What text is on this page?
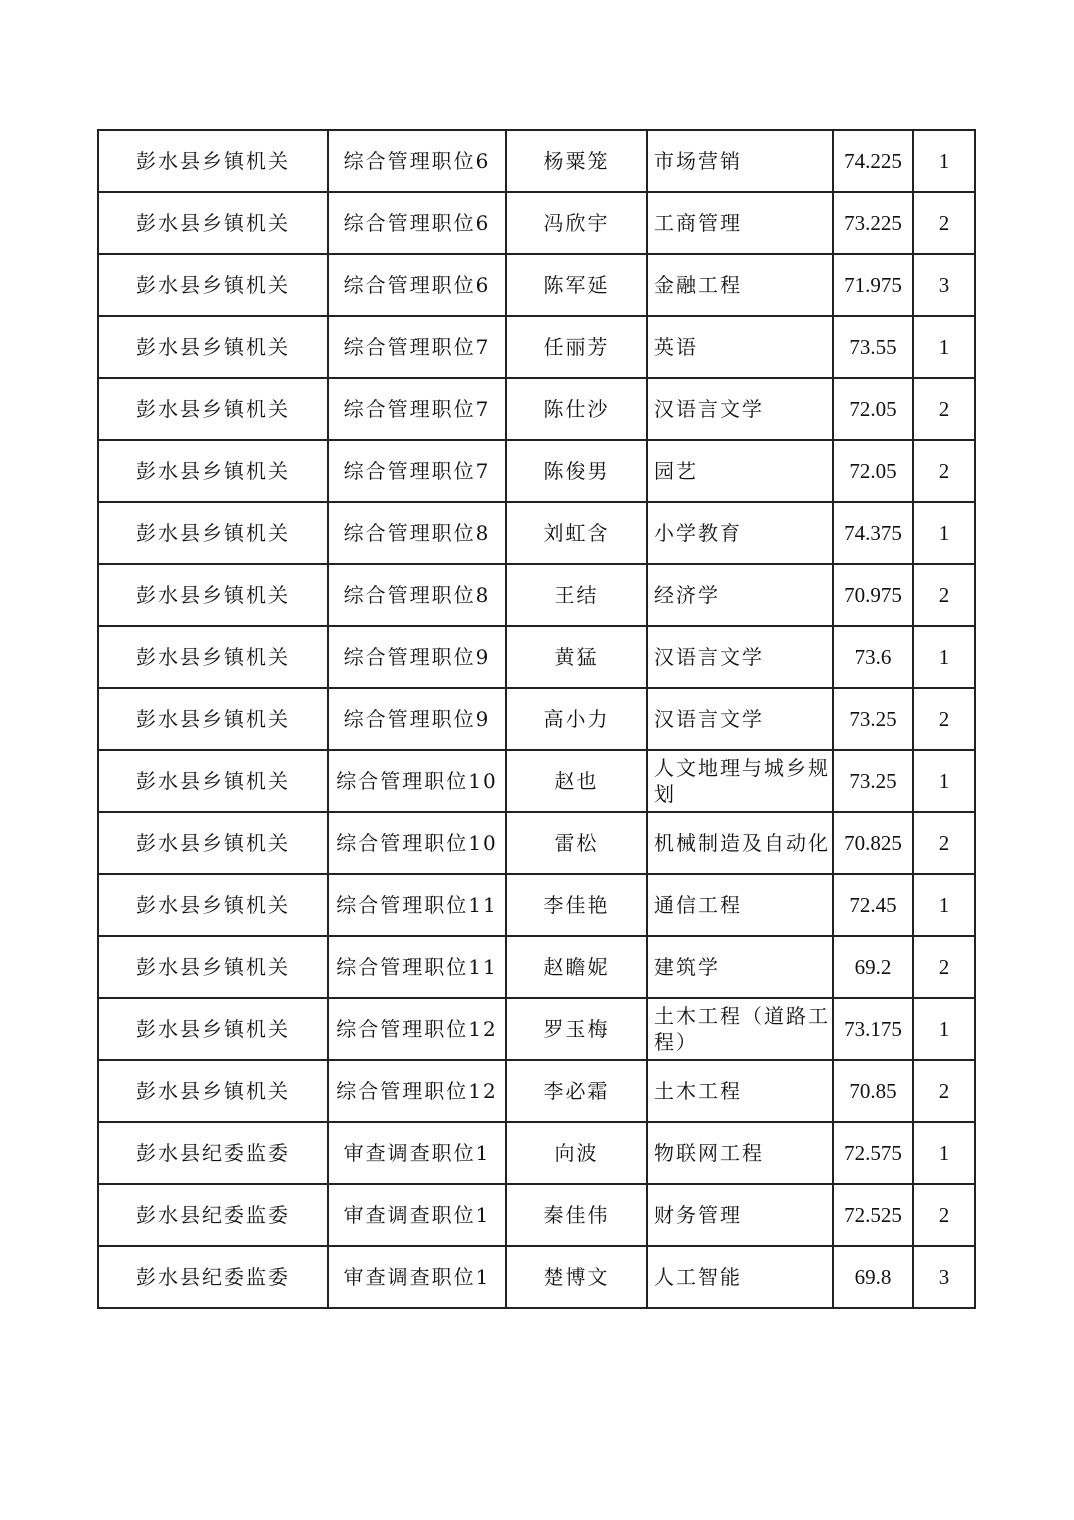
彭水县乡镇机关	综合管理职位6	杨粟笼	市场营销	74.225	1
彭水县乡镇机关	综合管理职位6	冯欣宇	工商管理	73.225	2
彭水县乡镇机关	综合管理职位6	陈军延	金融工程	71.975	3
彭水县乡镇机关	综合管理职位7	任丽芳	英语	73.55	1
彭水县乡镇机关	综合管理职位7	陈仕沙	汉语言文学	72.05	2
彭水县乡镇机关	综合管理职位7	陈俊男	园艺	72.05	2
彭水县乡镇机关	综合管理职位8	刘虹含	小学教育	74.375	1
彭水县乡镇机关	综合管理职位8	王结	经济学	70.975	2
彭水县乡镇机关	综合管理职位9	黄猛	汉语言文学	73.6	1
彭水县乡镇机关	综合管理职位9	高小力	汉语言文学	73.25	2
彭水县乡镇机关	综合管理职位10	赵也	人文地理与城乡规划	73.25	1
彭水县乡镇机关	综合管理职位10	雷松	机械制造及自动化	70.825	2
彭水县乡镇机关	综合管理职位11	李佳艳	通信工程	72.45	1
彭水县乡镇机关	综合管理职位11	赵瞻妮	建筑学	69.2	2
彭水县乡镇机关	综合管理职位12	罗玉梅	土木工程（道路工程）	73.175	1
彭水县乡镇机关	综合管理职位12	李必霜	土木工程	70.85	2
彭水县纪委监委	审查调查职位1	向波	物联网工程	72.575	1
彭水县纪委监委	审查调查职位1	秦佳伟	财务管理	72.525	2
彭水县纪委监委	审查调查职位1	楚博文	人工智能	69.8	3
